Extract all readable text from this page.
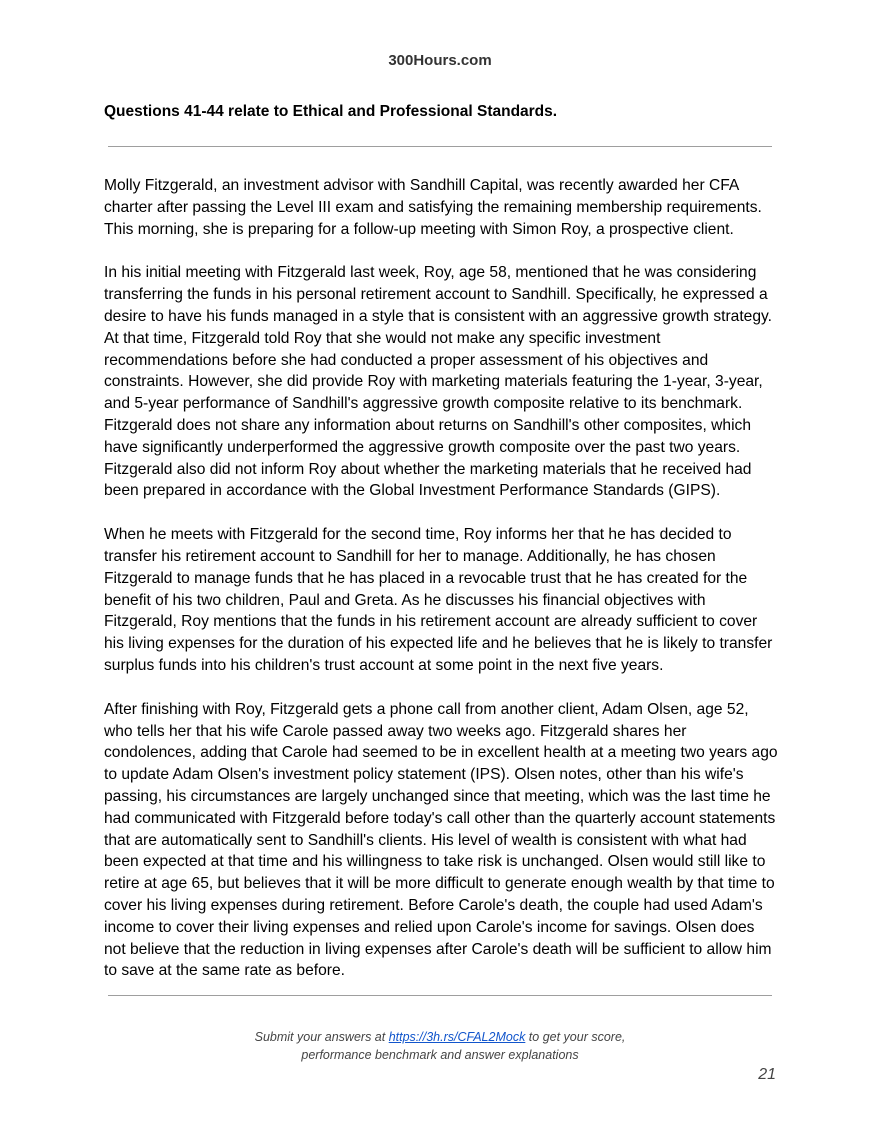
300Hours.com
Questions 41-44 relate to Ethical and Professional Standards.

Molly Fitzgerald, an investment advisor with Sandhill Capital, was recently awarded her CFA charter after passing the Level III exam and satisfying the remaining membership requirements. This morning, she is preparing for a follow-up meeting with Simon Roy, a prospective client.

In his initial meeting with Fitzgerald last week, Roy, age 58, mentioned that he was considering transferring the funds in his personal retirement account to Sandhill. Specifically, he expressed a desire to have his funds managed in a style that is consistent with an aggressive growth strategy. At that time, Fitzgerald told Roy that she would not make any specific investment recommendations before she had conducted a proper assessment of his objectives and constraints. However, she did provide Roy with marketing materials featuring the 1-year, 3-year, and 5-year performance of Sandhill's aggressive growth composite relative to its benchmark. Fitzgerald does not share any information about returns on Sandhill's other composites, which have significantly underperformed the aggressive growth composite over the past two years. Fitzgerald also did not inform Roy about whether the marketing materials that he received had been prepared in accordance with the Global Investment Performance Standards (GIPS).

When he meets with Fitzgerald for the second time, Roy informs her that he has decided to transfer his retirement account to Sandhill for her to manage. Additionally, he has chosen Fitzgerald to manage funds that he has placed in a revocable trust that he has created for the benefit of his two children, Paul and Greta. As he discusses his financial objectives with Fitzgerald, Roy mentions that the funds in his retirement account are already sufficient to cover his living expenses for the duration of his expected life and he believes that he is likely to transfer surplus funds into his children's trust account at some point in the next five years.

After finishing with Roy, Fitzgerald gets a phone call from another client, Adam Olsen, age 52, who tells her that his wife Carole passed away two weeks ago. Fitzgerald shares her condolences, adding that Carole had seemed to be in excellent health at a meeting two years ago to update Adam Olsen's investment policy statement (IPS). Olsen notes, other than his wife's passing, his circumstances are largely unchanged since that meeting, which was the last time he had communicated with Fitzgerald before today's call other than the quarterly account statements that are automatically sent to Sandhill's clients. His level of wealth is consistent with what had been expected at that time and his willingness to take risk is unchanged. Olsen would still like to retire at age 65, but believes that it will be more difficult to generate enough wealth by that time to cover his living expenses during retirement. Before Carole's death, the couple had used Adam's income to cover their living expenses and relied upon Carole's income for savings. Olsen does not believe that the reduction in living expenses after Carole's death will be sufficient to allow him to save at the same rate as before.

Submit your answers at https://3h.rs/CFAL2Mock to get your score,
performance benchmark and answer explanations
21
